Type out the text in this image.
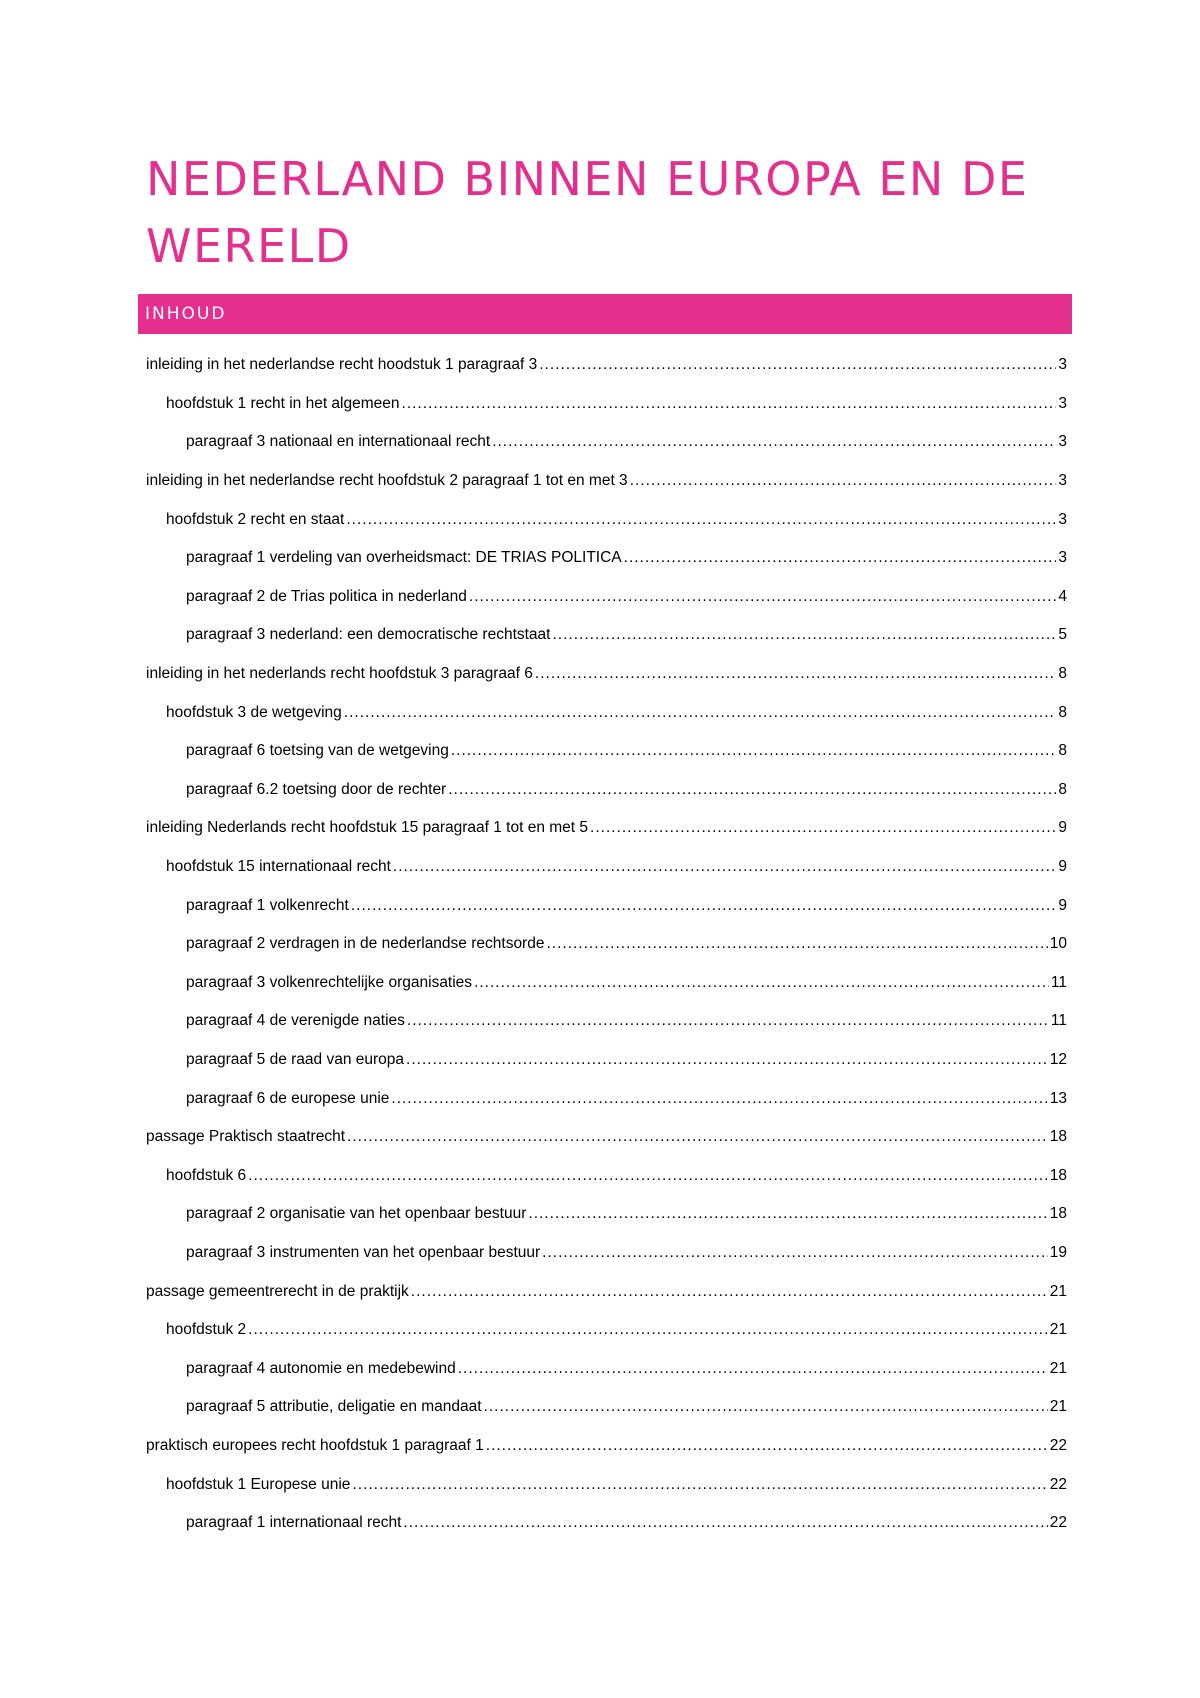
NEDERLAND BINNEN EUROPA EN DE WERELD
INHOUD
inleiding in het nederlandse recht hoodstuk 1 paragraaf 3 .....	3
hoofdstuk 1 recht in het algemeen .....	3
paragraaf 3 nationaal en internationaal recht .....	3
inleiding in het nederlandse recht hoofdstuk 2 paragraaf 1 tot en met 3 .....	3
hoofdstuk 2 recht en staat .....	3
paragraaf 1 verdeling van overheidsmact: DE TRIAS POLITICA .....	3
paragraaf 2 de Trias politica in nederland .....	4
paragraaf 3 nederland: een democratische rechtstaat .....	5
inleiding in het nederlands recht hoofdstuk 3 paragraaf 6 .....	8
hoofdstuk 3 de wetgeving .....	8
paragraaf 6 toetsing van de wetgeving .....	8
paragraaf 6.2 toetsing door de rechter .....	8
inleiding Nederlands recht hoofdstuk 15 paragraaf 1 tot en met 5 .....	9
hoofdstuk 15 internationaal recht .....	9
paragraaf 1 volkenrecht .....	9
paragraaf 2 verdragen in de nederlandse rechtsorde .....	10
paragraaf 3 volkenrechtelijke organisaties .....	11
paragraaf 4 de verenigde naties .....	11
paragraaf 5 de raad van europa .....	12
paragraaf 6 de europese unie .....	13
passage Praktisch staatrecht .....	18
hoofdstuk 6 .....	18
paragraaf 2 organisatie van het openbaar bestuur .....	18
paragraaf 3 instrumenten van het openbaar bestuur .....	19
passage gemeentrerecht in de praktijk .....	21
hoofdstuk 2 .....	21
paragraaf 4 autonomie en medebewind .....	21
paragraaf 5 attributie, deligatie en mandaat .....	21
praktisch europees recht hoofdstuk 1 paragraaf 1 .....	22
hoofdstuk 1 Europese unie .....	22
paragraaf 1 internationaal recht .....	22
